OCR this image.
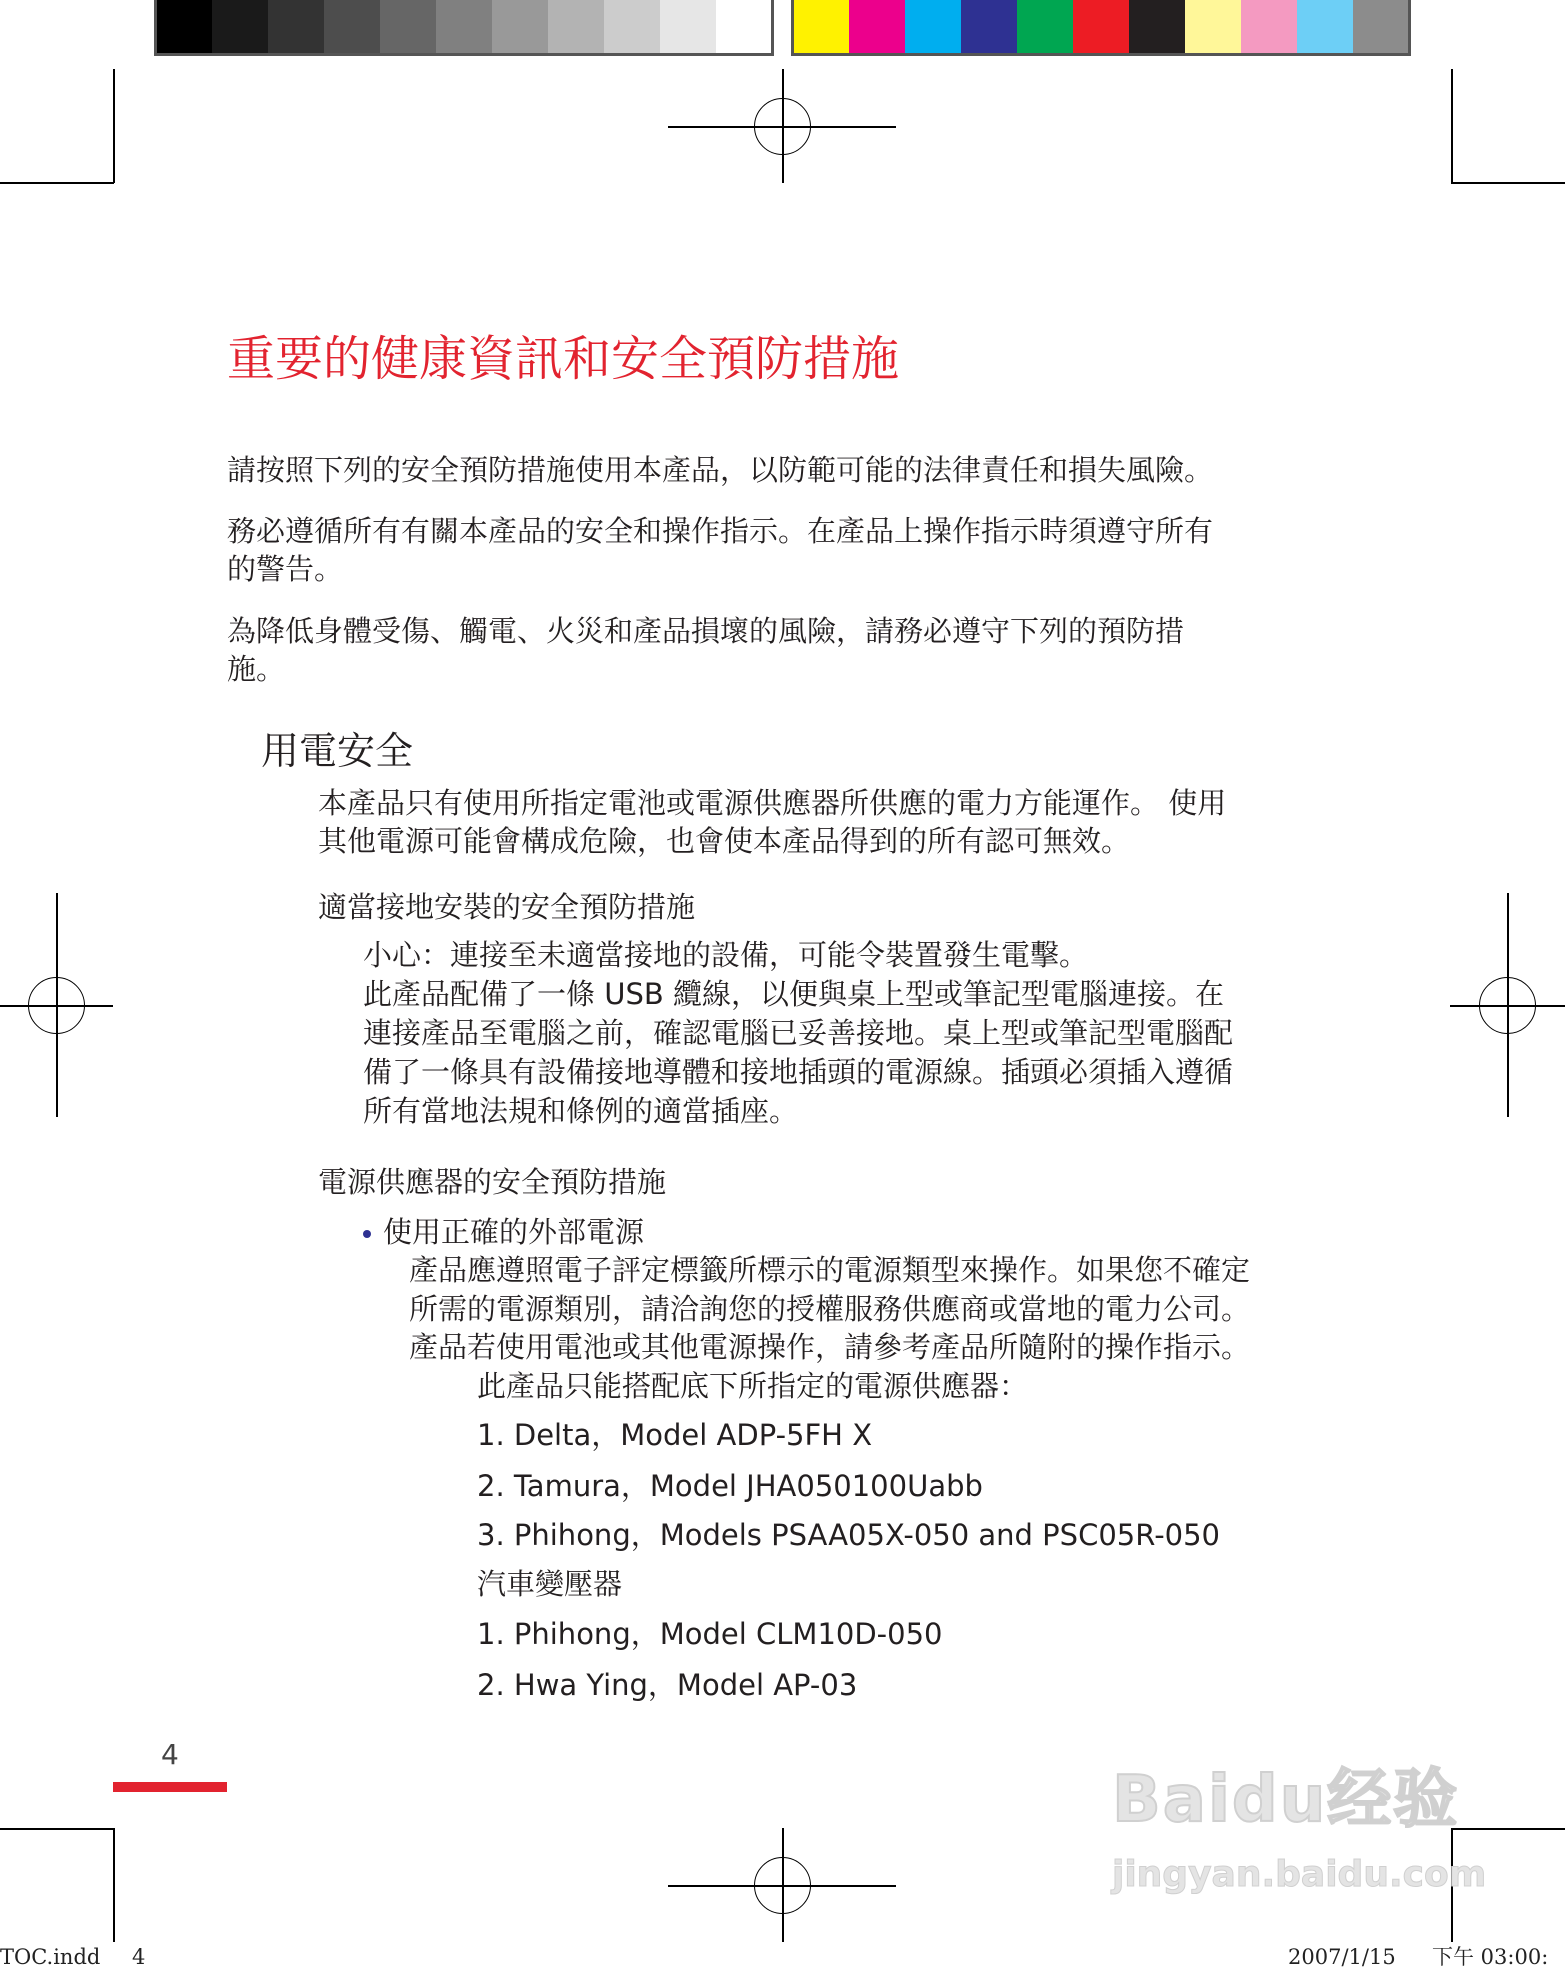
重要的健康資訊和安全預防措施
請按照下列的安全預防措施使用本產品，以防範可能的法律責任和損失風險。
務必遵循所有有關本產品的安全和操作指示。在產品上操作指示時須遵守所有
的警告。
為降低身體受傷、觸電、火災和產品損壞的風險，請務必遵守下列的預防措
施。
用電安全
本產品只有使用所指定電池或電源供應器所供應的電力方能運作。 使用
其他電源可能會構成危險，也會使本產品得到的所有認可無效。
適當接地安裝的安全預防措施
小心：連接至未適當接地的設備，可能令裝置發生電擊。
此產品配備了一條 USB 纜線，以便與桌上型或筆記型電腦連接。在
連接產品至電腦之前，確認電腦已妥善接地。桌上型或筆記型電腦配
備了一條具有設備接地導體和接地插頭的電源線。插頭必須插入遵循
所有當地法規和條例的適當插座。
電源供應器的安全預防措施
使用正確的外部電源
產品應遵照電子評定標籤所標示的電源類型來操作。如果您不確定
所需的電源類別，請洽詢您的授權服務供應商或當地的電力公司。
產品若使用電池或其他電源操作，請參考產品所隨附的操作指示。
此產品只能搭配底下所指定的電源供應器：
1. Delta，Model ADP-5FH X
2. Tamura，Model JHA050100Uabb
3. Phihong，Models PSAA05X-050 and PSC05R-050
汽車變壓器
1. Phihong，Model CLM10D-050
2. Hwa Ying，Model AP-03
4
Baidu经验
jingyan.baidu.com
TOC.indd 4	2007/1/15 下午 03:00:
